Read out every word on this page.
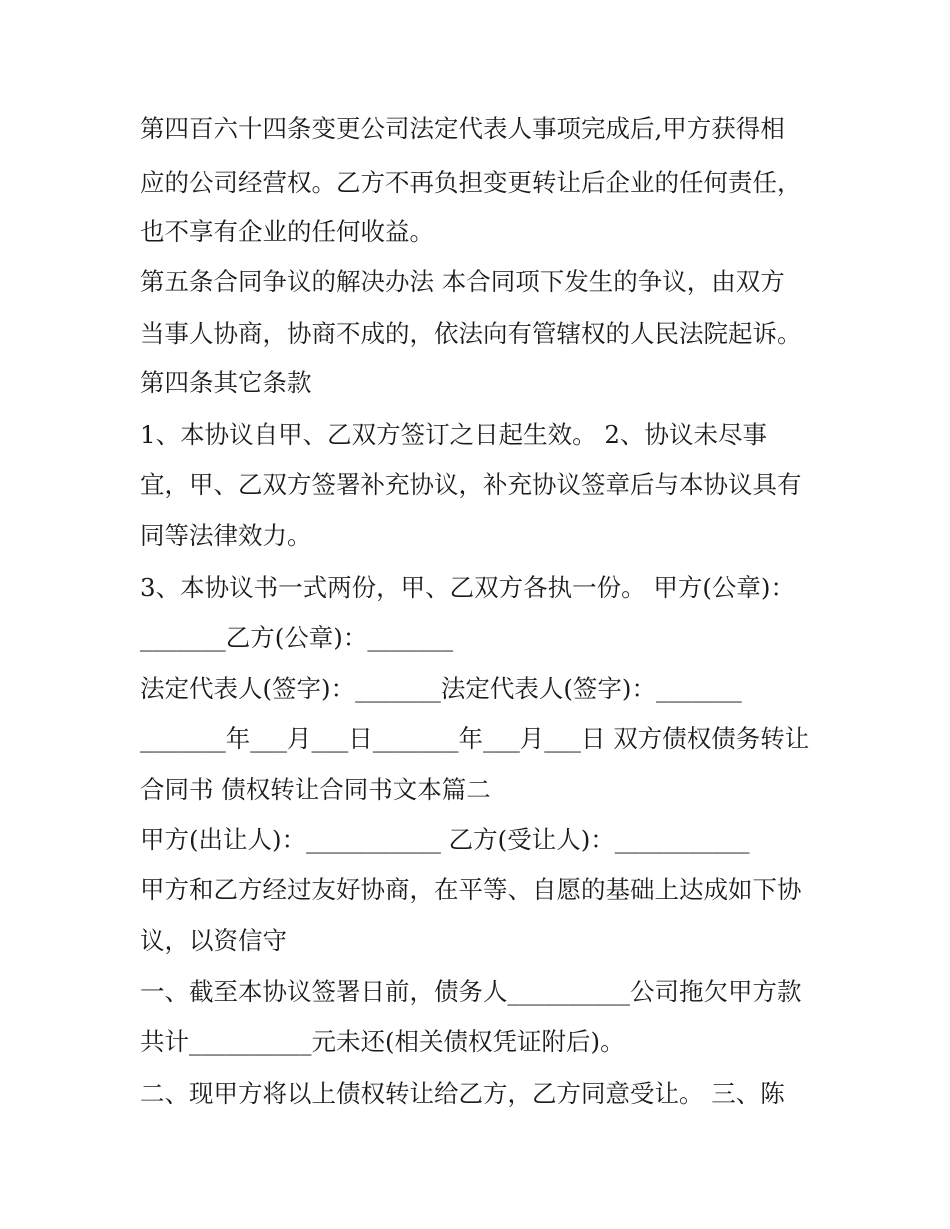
第四百六十四条变更公司法定代表人事项完成后,甲方获得相

应的公司经营权。乙方不再负担变更转让后企业的任何责任，

也不享有企业的任何收益。

第五条合同争议的解决办法 本合同项下发生的争议，由双方

当事人协商，协商不成的，依法向有管辖权的人民法院起诉。

第四条其它条款

1、本协议自甲、乙双方签订之日起生效。 2、协议未尽事

宜，甲、乙双方签署补充协议，补充协议签章后与本协议具有

同等法律效力。

3、本协议书一式两份，甲、乙双方各执一份。 甲方(公章)：

_______乙方(公章)：_______

法定代表人(签字)：_______法定代表人(签字)：_______

_______年___月___日_______年___月___日 双方债权债务转让

合同书 债权转让合同书文本篇二

甲方(出让人)：___________ 乙方(受让人)：___________

甲方和乙方经过友好协商，在平等、自愿的基础上达成如下协

议，以资信守

一、截至本协议签署日前，债务人__________公司拖欠甲方款

共计__________元未还(相关债权凭证附后)。

二、现甲方将以上债权转让给乙方，乙方同意受让。 三、陈
